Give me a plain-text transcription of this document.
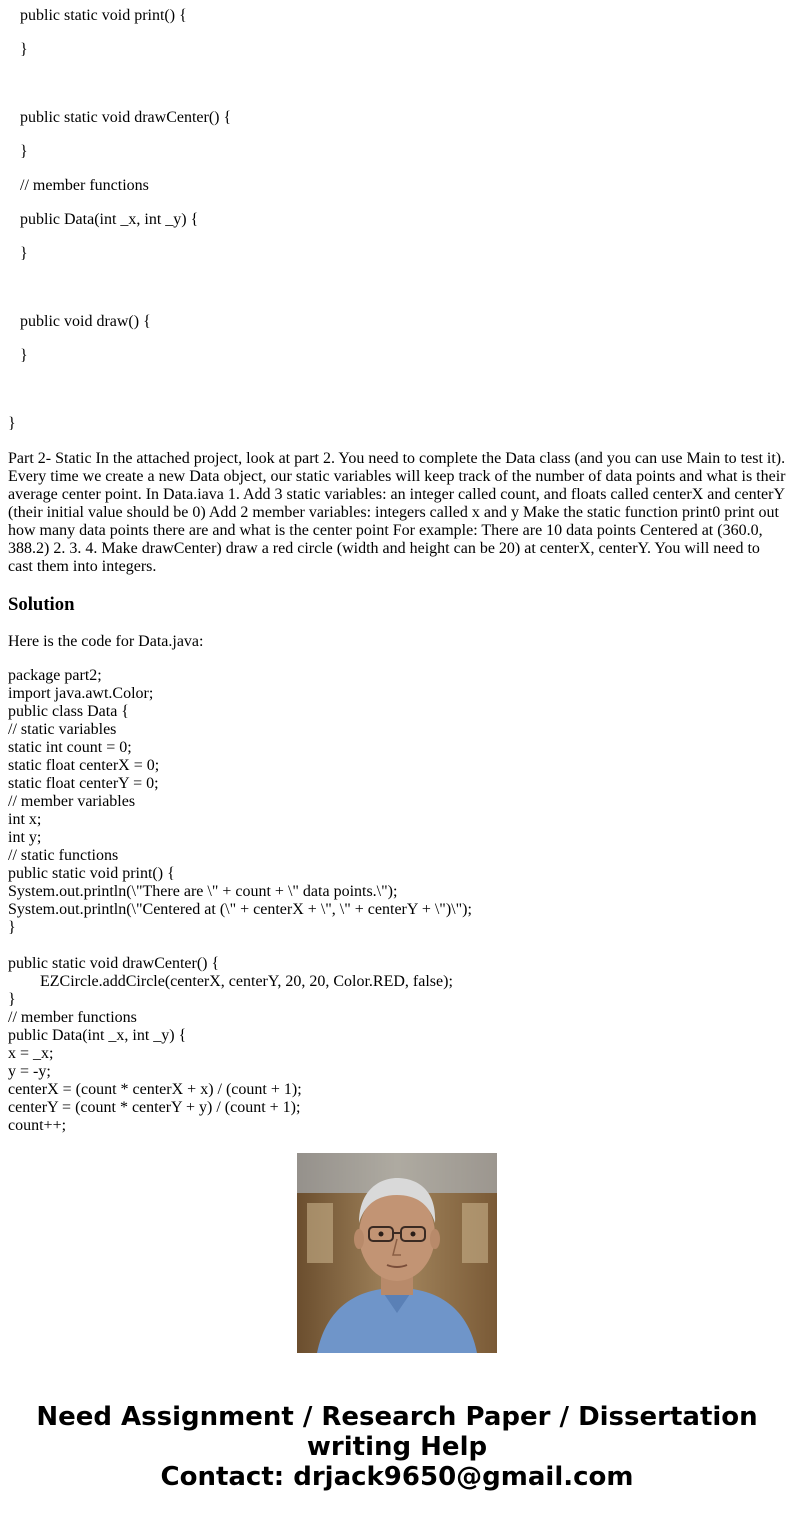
public static void print() {

}

public static void drawCenter() {

}

// member functions

public Data(int _x, int _y) {

}

public void draw() {

}

}

Part 2- Static In the attached project, look at part 2. You need to complete the Data class (and you can use Main to test it). Every time we create a new Data object, our static variables will keep track of the number of data points and what is their average center point. In Data.iava 1. Add 3 static variables: an integer called count, and floats called centerX and centerY (their initial value should be 0) Add 2 member variables: integers called x and y Make the static function print0 print out how many data points there are and what is the center point For example: There are 10 data points Centered at (360.0, 388.2) 2. 3. 4. Make drawCenter) draw a red circle (width and height can be 20) at centerX, centerY. You will need to cast them into integers.

Solution

Here is the code for Data.java:

package part2;
import java.awt.Color;
public class Data {
// static variables
static int count = 0;
static float centerX = 0;
static float centerY = 0;
// member variables
int x;
int y;
// static functions
public static void print() {
System.out.println(\"There are \" + count + \" data points.\");
System.out.println(\"Centered at (\" + centerX + \", \" + centerY + \")\");
}
public static void drawCenter() {
EZCircle.addCircle(centerX, centerY, 20, 20, Color.RED, false);
}
// member functions
public Data(int _x, int _y) {
x = _x;
y = -y;
centerX = (count * centerX + x) / (count + 1);
centerY = (count * centerY + y) / (count + 1);
count++;
Need Assignment / Research Paper / Dissertation
writing Help
Contact: drjack9650@gmail.com
